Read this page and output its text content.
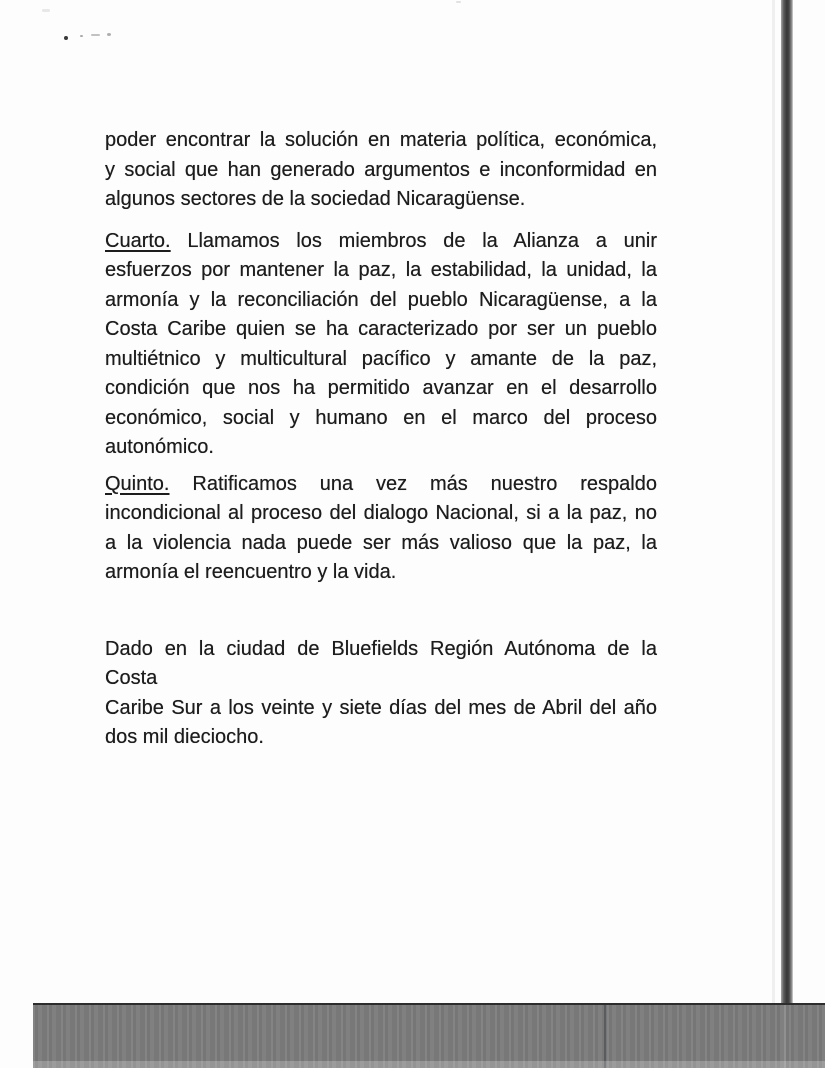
poder encontrar la solución en materia política, económica,
y social que han generado argumentos e inconformidad en
algunos sectores de la sociedad Nicaragüense.
Cuarto. Llamamos los miembros de la Alianza a unir
esfuerzos por mantener la paz, la estabilidad, la unidad, la
armonía y la reconciliación del pueblo Nicaragüense, a la
Costa Caribe quien se ha caracterizado por ser un pueblo
multiétnico y multicultural pacífico y amante de la paz,
condición que nos ha permitido avanzar en el desarrollo
económico, social y humano en el marco del proceso
autonómico.
Quinto. Ratificamos una vez más nuestro respaldo
incondicional al proceso del dialogo Nacional, si a la paz, no
a la violencia nada puede ser más valioso que la paz, la
armonía el reencuentro y la vida.
Dado en la ciudad de Bluefields Región Autónoma de la Costa
Caribe Sur a los veinte y siete días del mes de Abril del año
dos mil dieciocho.
